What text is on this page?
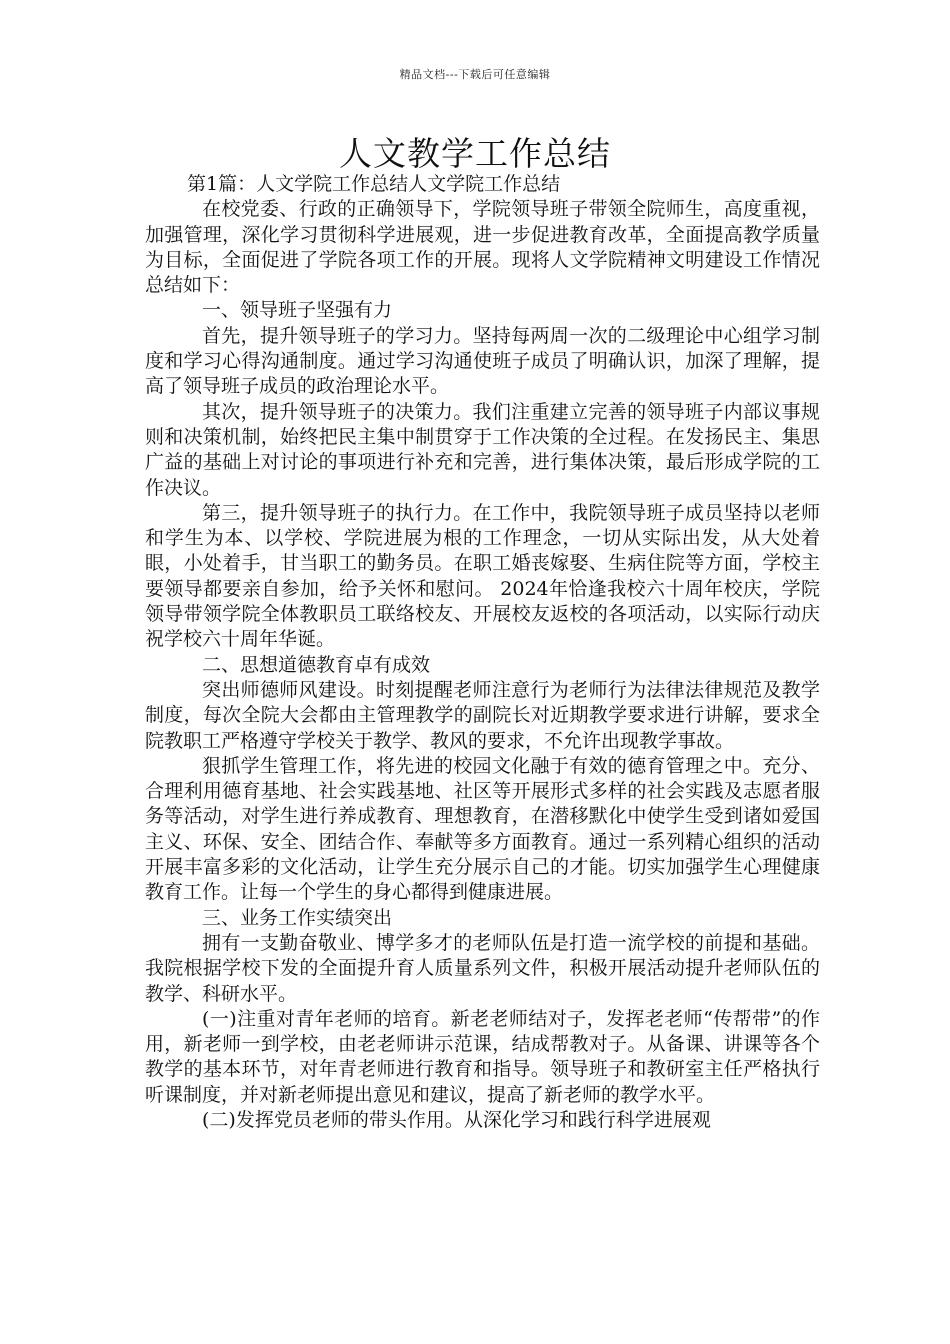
精品文档---下载后可任意编辑
人文教学工作总结

第1篇：人文学院工作总结人文学院工作总结

在校党委、行政的正确领导下，学院领导班子带领全院师生，高度重视，加强管理，深化学习贯彻科学进展观，进一步促进教育改革，全面提高教学质量为目标，全面促进了学院各项工作的开展。现将人文学院精神文明建设工作情况总结如下：

一、领导班子坚强有力

首先，提升领导班子的学习力。坚持每两周一次的二级理论中心组学习制度和学习心得沟通制度。通过学习沟通使班子成员了明确认识，加深了理解，提高了领导班子成员的政治理论水平。

其次，提升领导班子的决策力。我们注重建立完善的领导班子内部议事规则和决策机制，始终把民主集中制贯穿于工作决策的全过程。在发扬民主、集思广益的基础上对讨论的事项进行补充和完善，进行集体决策，最后形成学院的工作决议。

第三，提升领导班子的执行力。在工作中，我院领导班子成员坚持以老师和学生为本、以学校、学院进展为根的工作理念，一切从实际出发，从大处着眼，小处着手，甘当职工的勤务员。在职工婚丧嫁娶、生病住院等方面，学校主要领导都要亲自参加，给予关怀和慰问。 2024年恰逢我校六十周年校庆，学院领导带领学院全体教职员工联络校友、开展校友返校的各项活动，以实际行动庆祝学校六十周年华诞。

二、思想道德教育卓有成效

突出师德师风建设。时刻提醒老师注意行为老师行为法律法律规范及教学制度，每次全院大会都由主管理教学的副院长对近期教学要求进行讲解，要求全院教职工严格遵守学校关于教学、教风的要求，不允许出现教学事故。

狠抓学生管理工作，将先进的校园文化融于有效的德育管理之中。充分、合理利用德育基地、社会实践基地、社区等开展形式多样的社会实践及志愿者服务等活动，对学生进行养成教育、理想教育，在潜移默化中使学生受到诸如爱国主义、环保、安全、团结合作、奉献等多方面教育。通过一系列精心组织的活动开展丰富多彩的文化活动，让学生充分展示自己的才能。切实加强学生心理健康教育工作。让每一个学生的身心都得到健康进展。

三、业务工作实绩突出

拥有一支勤奋敬业、博学多才的老师队伍是打造一流学校的前提和基础。我院根据学校下发的全面提升育人质量系列文件，积极开展活动提升老师队伍的教学、科研水平。

(一)注重对青年老师的培育。新老老师结对子，发挥老老师“传帮带”的作用，新老师一到学校，由老老师讲示范课，结成帮教对子。从备课、讲课等各个教学的基本环节，对年青老师进行教育和指导。领导班子和教研室主任严格执行听课制度，并对新老师提出意见和建议，提高了新老师的教学水平。

(二)发挥党员老师的带头作用。从深化学习和践行科学进展观
